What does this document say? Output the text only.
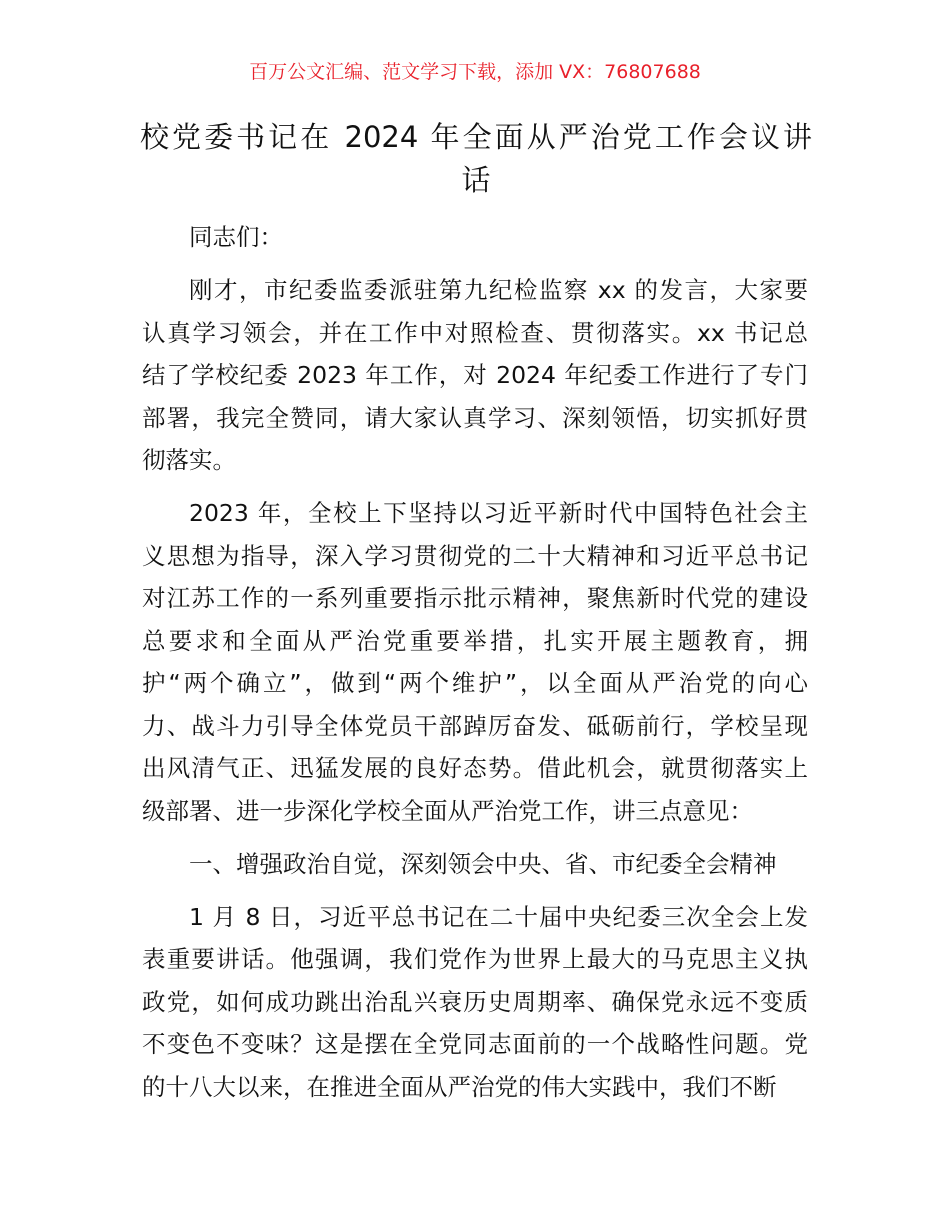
百万公文汇编、范文学习下载，添加 VX：76807688
校党委书记在 2024 年全面从严治党工作会议讲
话
同志们：
刚才，市纪委监委派驻第九纪检监察 xx 的发言，大家要
认真学习领会，并在工作中对照检查、贯彻落实。xx 书记总
结了学校纪委 2023 年工作，对 2024 年纪委工作进行了专门
部署，我完全赞同，请大家认真学习、深刻领悟，切实抓好贯
彻落实。
2023 年，全校上下坚持以习近平新时代中国特色社会主
义思想为指导，深入学习贯彻党的二十大精神和习近平总书记
对江苏工作的一系列重要指示批示精神，聚焦新时代党的建设
总要求和全面从严治党重要举措，扎实开展主题教育，拥
护“两个确立”，做到“两个维护”，以全面从严治党的向心
力、战斗力引导全体党员干部踔厉奋发、砥砺前行，学校呈现
出风清气正、迅猛发展的良好态势。借此机会，就贯彻落实上
级部署、进一步深化学校全面从严治党工作，讲三点意见：
一、增强政治自觉，深刻领会中央、省、市纪委全会精神
1 月 8 日，习近平总书记在二十届中央纪委三次全会上发
表重要讲话。他强调，我们党作为世界上最大的马克思主义执
政党，如何成功跳出治乱兴衰历史周期率、确保党永远不变质
不变色不变味？这是摆在全党同志面前的一个战略性问题。党
的十八大以来，在推进全面从严治党的伟大实践中，我们不断
